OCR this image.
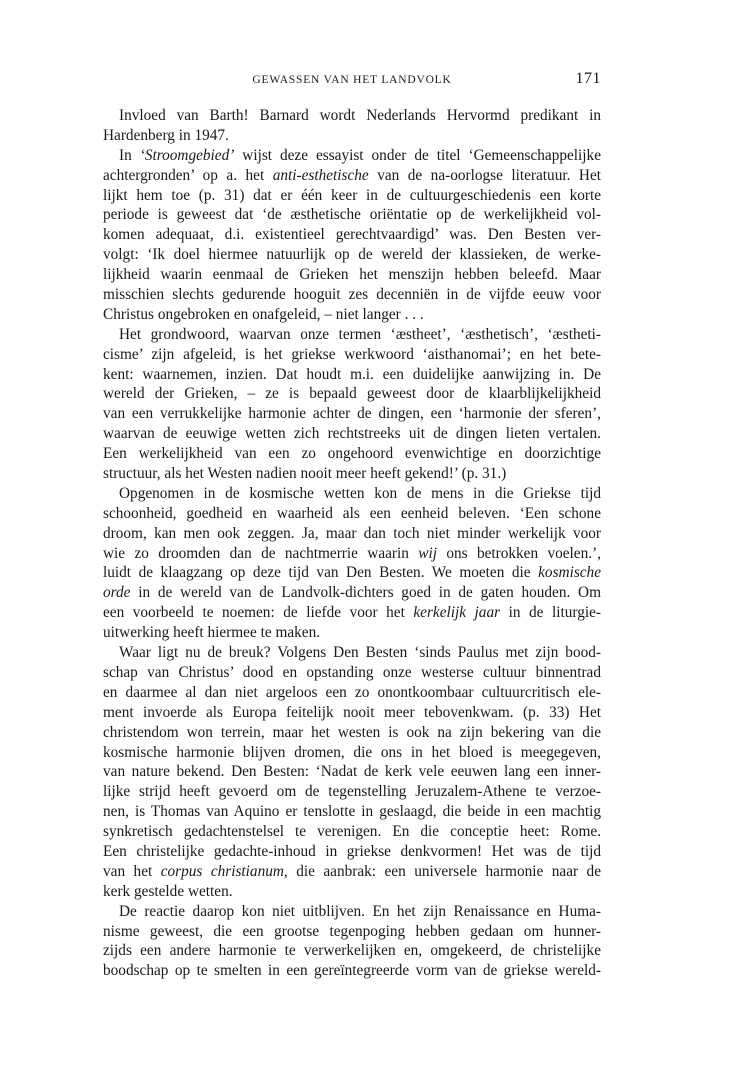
GEWASSEN VAN HET LANDVOLK	171
Invloed van Barth! Barnard wordt Nederlands Hervormd predikant in
Hardenberg in 1947.
In ‘Stroomgebied’ wijst deze essayist onder de titel ‘Gemeenschappelijke
achtergronden’ op a. het anti-esthetische van de na-oorlogse literatuur. Het
lijkt hem toe (p. 31) dat er één keer in de cultuurgeschiedenis een korte
periode is geweest dat ‘de æsthetische oriëntatie op de werkelijkheid vol-
komen adequaat, d.i. existentieel gerechtvaardigd’ was. Den Besten ver-
volgt: ‘Ik doel hiermee natuurlijk op de wereld der klassieken, de werke-
lijkheid waarin eenmaal de Grieken het menszijn hebben beleefd. Maar
misschien slechts gedurende hooguit zes decenniën in de vijfde eeuw voor
Christus ongebroken en onafgeleid, – niet langer . . .
Het grondwoord, waarvan onze termen ‘æstheet’, ‘æsthetisch’, ‘æstheti-
cisme’ zijn afgeleid, is het griekse werkwoord ‘aisthanomai’; en het bete-
kent: waarnemen, inzien. Dat houdt m.i. een duidelijke aanwijzing in. De
wereld der Grieken, – ze is bepaald geweest door de klaarblijkelijkheid
van een verrukkelijke harmonie achter de dingen, een ‘harmonie der sferen’,
waarvan de eeuwige wetten zich rechtstreeks uit de dingen lieten vertalen.
Een werkelijkheid van een zo ongehoord evenwichtige en doorzichtige
structuur, als het Westen nadien nooit meer heeft gekend!’ (p. 31.)
Opgenomen in de kosmische wetten kon de mens in die Griekse tijd
schoonheid, goedheid en waarheid als een eenheid beleven. ‘Een schone
droom, kan men ook zeggen. Ja, maar dan toch niet minder werkelijk voor
wie zo droomden dan de nachtmerrie waarin wij ons betrokken voelen.’,
luidt de klaagzang op deze tijd van Den Besten. We moeten die kosmische
orde in de wereld van de Landvolk-dichters goed in de gaten houden. Om
een voorbeeld te noemen: de liefde voor het kerkelijk jaar in de liturgie-
uitwerking heeft hiermee te maken.
Waar ligt nu de breuk? Volgens Den Besten ‘sinds Paulus met zijn bood-
schap van Christus’ dood en opstanding onze westerse cultuur binnentrad
en daarmee al dan niet argeloos een zo onontkoombaar cultuurcritisch ele-
ment invoerde als Europa feitelijk nooit meer tebovenkwam. (p. 33) Het
christendom won terrein, maar het westen is ook na zijn bekering van die
kosmische harmonie blijven dromen, die ons in het bloed is meegegeven,
van nature bekend. Den Besten: ‘Nadat de kerk vele eeuwen lang een inner-
lijke strijd heeft gevoerd om de tegenstelling Jeruzalem-Athene te verzoe-
nen, is Thomas van Aquino er tenslotte in geslaagd, die beide in een machtig
synkretisch gedachtenstelsel te verenigen. En die conceptie heet: Rome.
Een christelijke gedachte-inhoud in griekse denkvormen! Het was de tijd
van het corpus christianum, die aanbrak: een universele harmonie naar de
kerk gestelde wetten.
De reactie daarop kon niet uitblijven. En het zijn Renaissance en Huma-
nisme geweest, die een grootse tegenpoging hebben gedaan om hunner-
zijds een andere harmonie te verwerkelijken en, omgekeerd, de christelijke
boodschap op te smelten in een gereïntegreerde vorm van de griekse wereld-
